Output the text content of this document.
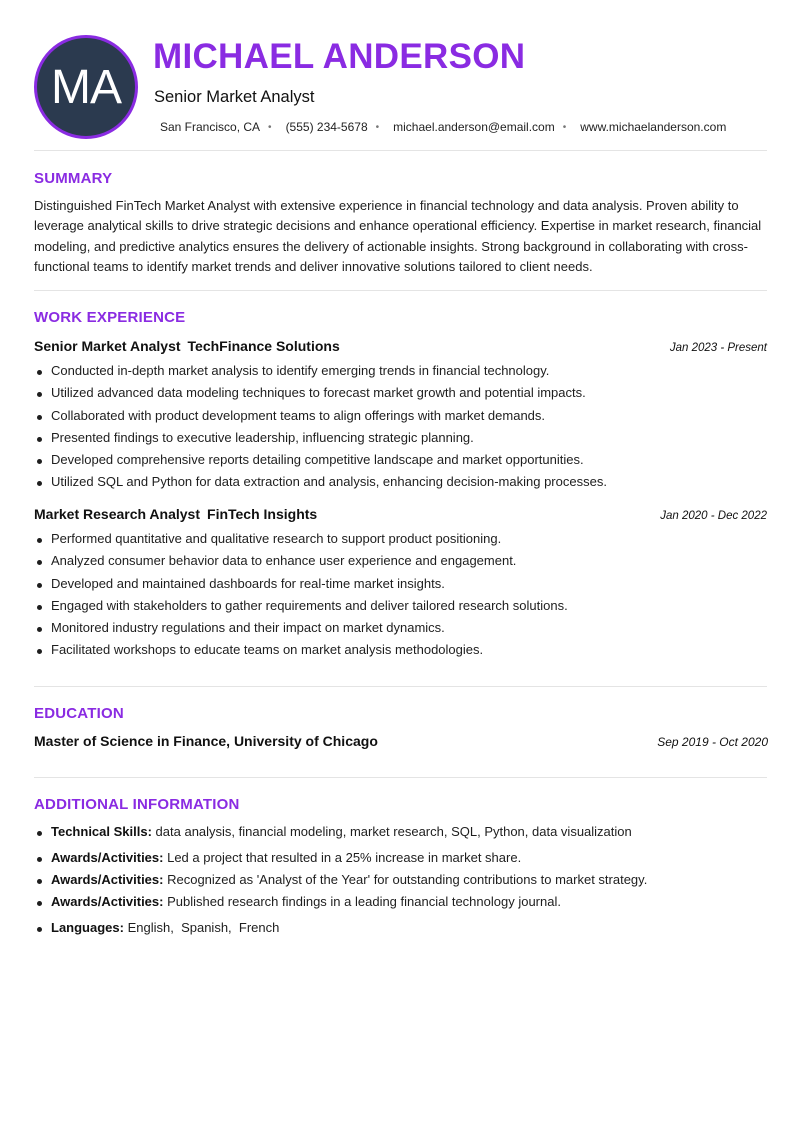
MA
MICHAEL ANDERSON
Senior Market Analyst
San Francisco, CA • (555) 234-5678 • michael.anderson@email.com • www.michaelanderson.com
SUMMARY
Distinguished FinTech Market Analyst with extensive experience in financial technology and data analysis. Proven ability to leverage analytical skills to drive strategic decisions and enhance operational efficiency. Expertise in market research, financial modeling, and predictive analytics ensures the delivery of actionable insights. Strong background in collaborating with cross-functional teams to identify market trends and deliver innovative solutions tailored to client needs.
WORK EXPERIENCE
Senior Market Analyst TechFinance Solutions	Jan 2023 - Present
Conducted in-depth market analysis to identify emerging trends in financial technology.
Utilized advanced data modeling techniques to forecast market growth and potential impacts.
Collaborated with product development teams to align offerings with market demands.
Presented findings to executive leadership, influencing strategic planning.
Developed comprehensive reports detailing competitive landscape and market opportunities.
Utilized SQL and Python for data extraction and analysis, enhancing decision-making processes.
Market Research Analyst FinTech Insights	Jan 2020 - Dec 2022
Performed quantitative and qualitative research to support product positioning.
Analyzed consumer behavior data to enhance user experience and engagement.
Developed and maintained dashboards for real-time market insights.
Engaged with stakeholders to gather requirements and deliver tailored research solutions.
Monitored industry regulations and their impact on market dynamics.
Facilitated workshops to educate teams on market analysis methodologies.
EDUCATION
Master of Science in Finance, University of Chicago	Sep 2019 - Oct 2020
ADDITIONAL INFORMATION
Technical Skills: data analysis, financial modeling, market research, SQL, Python, data visualization
Awards/Activities: Led a project that resulted in a 25% increase in market share.
Awards/Activities: Recognized as 'Analyst of the Year' for outstanding contributions to market strategy.
Awards/Activities: Published research findings in a leading financial technology journal.
Languages: English,  Spanish,  French
